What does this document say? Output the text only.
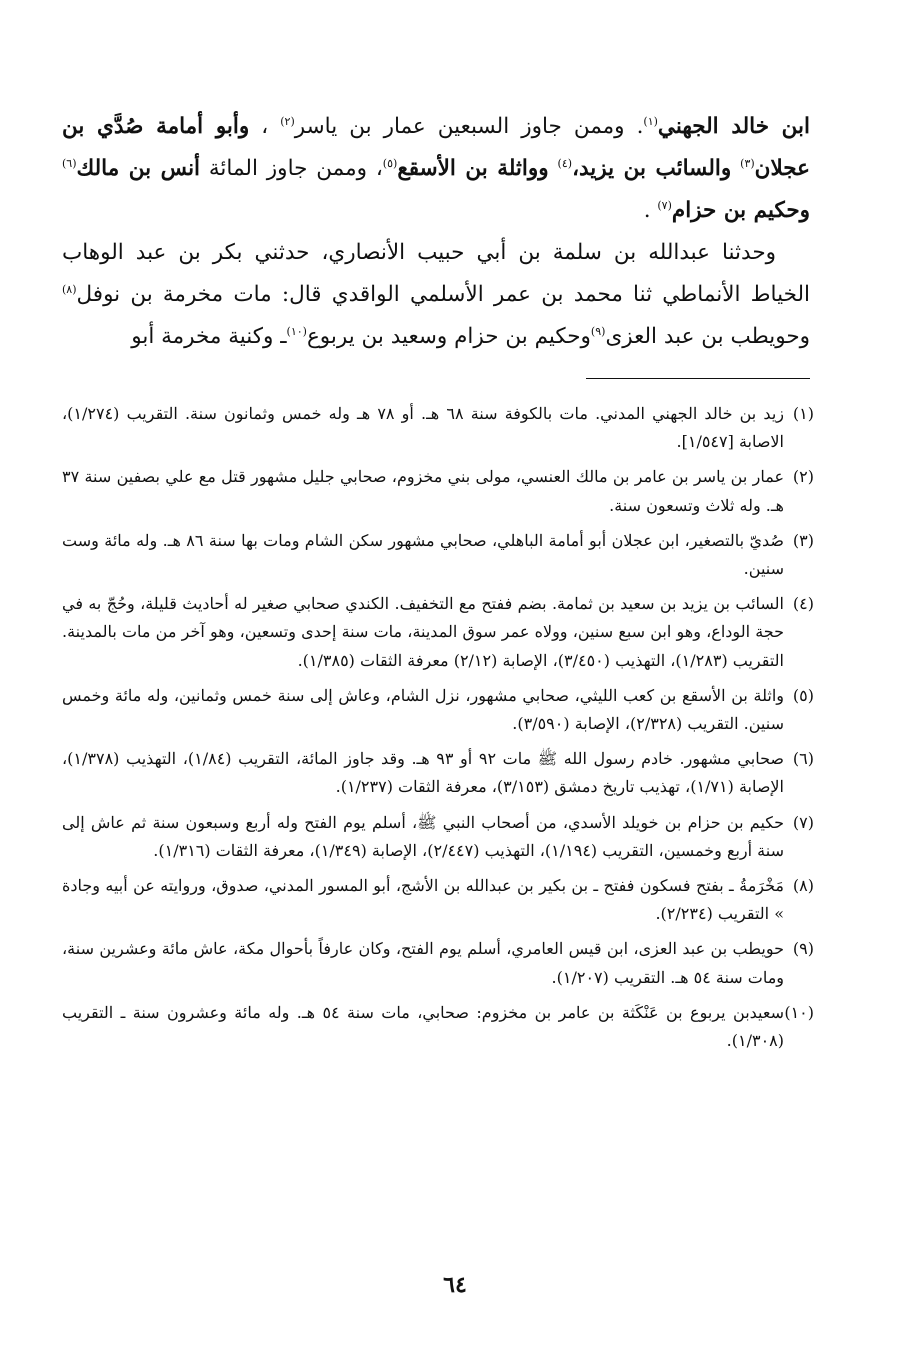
ابن خالد الجهني$^{(١)}$. وممن جاوز السبعين عمار بن ياسر$^{(٢)}$ ، وأبو أمامة صُدَّي بن عجلان$^{(٣)}$ والسائب بن يزيد،$^{(٤)}$ وواثلة بن الأسقع$^{(٥)}$، وممن جاوز المائة أنس بن مالك$^{(٦)}$ وحكيم بن حزام$^{(٧)}$ .

وحدثنا عبدالله بن سلمة بن أبي حبيب الأنصاري، حدثني بكر بن عبد الوهاب الخياط الأنماطي ثنا محمد بن عمر الأسلمي الواقدي قال: مات مخرمة بن نوفل$^{(٨)}$ وحويطب بن عبد العزى$^{(٩)}$وحكيم بن حزام وسعيد بن يربوع$^{(١٠)}$ـ وكنية مخرمة أبو

(١)زيد بن خالد الجهني المدني. مات بالكوفة سنة ٦٨ هـ. أو ٧٨ هـ وله خمس وثمانون سنة. التقريب (١/٢٧٤)، الاصابة [١/٥٤٧].

(٢)عمار بن ياسر بن عامر بن مالك العنسي، مولى بني مخزوم، صحابي جليل مشهور قتل مع علي بصفين سنة ٣٧ هـ. وله ثلاث وتسعون سنة.

(٣)صُديّ بالتصغير، ابن عجلان أبو أمامة الباهلي، صحابي مشهور سكن الشام ومات بها سنة ٨٦ هـ. وله مائة وست سنين.

(٤)السائب بن يزيد بن سعيد بن ثمامة. بضم ففتح مع التخفيف. الكندي صحابي صغير له أحاديث قليلة، وحُجّ به في حجة الوداع، وهو ابن سبع سنين، وولاه عمر سوق المدينة، مات سنة إحدى وتسعين، وهو آخر من مات بالمدينة. التقريب (١/٢٨٣)، التهذيب (٣/٤٥٠)، الإصابة (٢/١٢) معرفة الثقات (١/٣٨٥).

(٥)واثلة بن الأسقع بن كعب الليثي، صحابي مشهور، نزل الشام، وعاش إلى سنة خمس وثمانين، وله مائة وخمس سنين. التقريب (٢/٣٢٨)، الإصابة (٣/٥٩٠).

(٦)صحابي مشهور. خادم رسول الله ﷺ مات ٩٢ أو ٩٣ هـ. وقد جاوز المائة، التقريب (١/٨٤)، التهذيب (١/٣٧٨)، الإصابة (١/٧١)، تهذيب تاريخ دمشق (٣/١٥٣)، معرفة الثقات (١/٢٣٧).

(٧)حكيم بن حزام بن خويلد الأسدي، من أصحاب النبي ﷺ، أسلم يوم الفتح وله أربع وسبعون سنة ثم عاش إلى سنة أربع وخمسين، التقريب (١/١٩٤)، التهذيب (٢/٤٤٧)، الإصابة (١/٣٤٩)، معرفة الثقات (١/٣١٦).

(٨)مَخْرَمةُ ـ بفتح فسكون ففتح ـ بن بكير بن عبدالله بن الأشج، أبو المسور المدني، صدوق، وروايته عن أبيه وجادة » التقريب (٢/٢٣٤).

(٩)حويطب بن عبد العزى، ابن قيس العامري، أسلم يوم الفتح، وكان عارفاً بأحوال مكة، عاش مائة وعشرين سنة، ومات سنة ٥٤ هـ. التقريب (١/٢٠٧).

(١٠)سعيدبن يربوع بن عَنْكَثة بن عامر بن مخزوم: صحابي، مات سنة ٥٤ هـ. وله مائة وعشرون سنة ـ التقريب (١/٣٠٨).

٦٤
